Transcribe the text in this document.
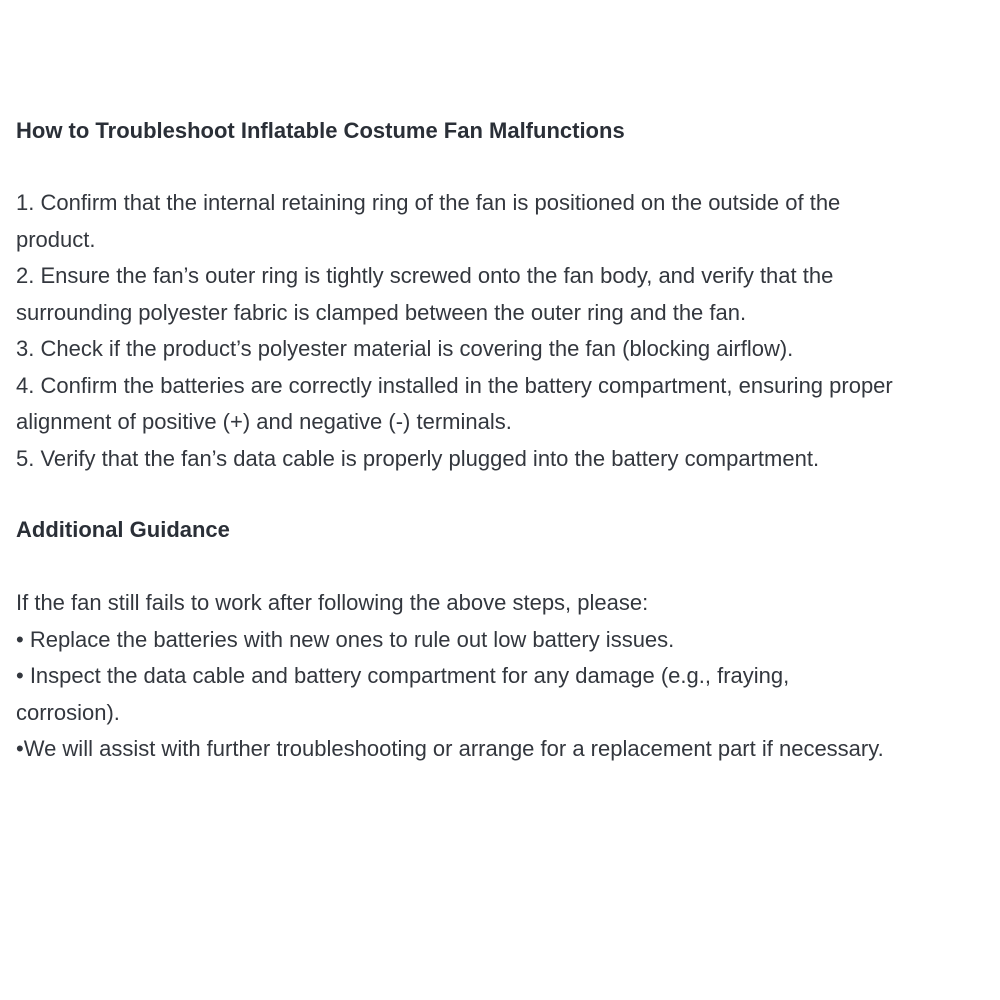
How to Troubleshoot Inflatable Costume Fan Malfunctions
1. Confirm that the internal retaining ring of the fan is positioned on the outside of the
product.
2. Ensure the fan’s outer ring is tightly screwed onto the fan body, and verify that the
surrounding polyester fabric is clamped between the outer ring and the fan.
3. Check if the product’s polyester material is covering the fan (blocking airflow).
4. Confirm the batteries are correctly installed in the battery compartment, ensuring proper
alignment of positive (+) and negative (-) terminals.
5. Verify that the fan’s data cable is properly plugged into the battery compartment.
Additional Guidance
If the fan still fails to work after following the above steps, please:
• Replace the batteries with new ones to rule out low battery issues.
• Inspect the data cable and battery compartment for any damage (e.g., fraying,
corrosion).
•We will assist with further troubleshooting or arrange for a replacement part if necessary.
